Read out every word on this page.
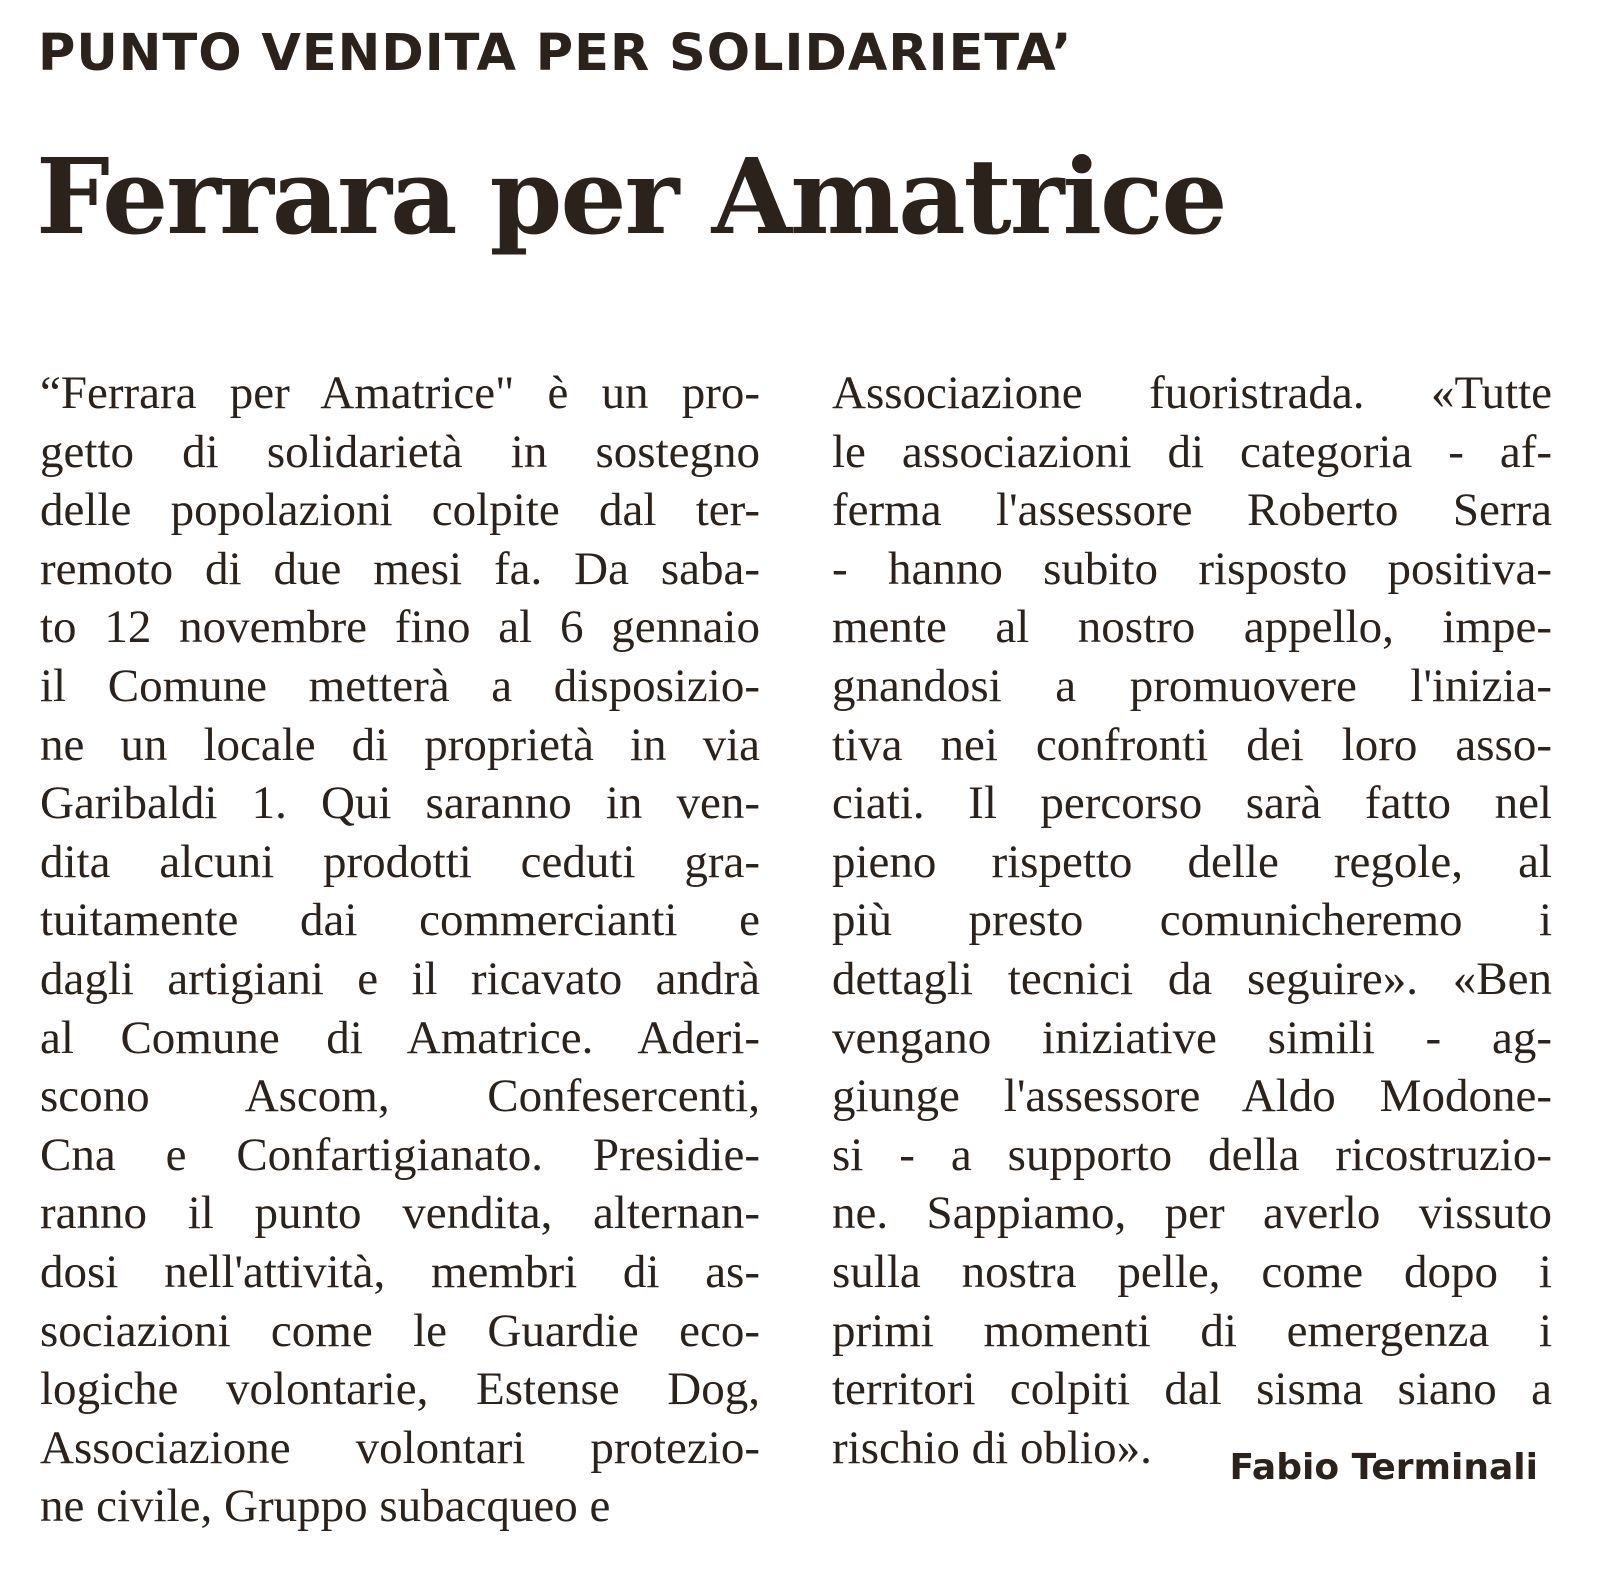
PUNTO VENDITA PER SOLIDARIETA’
Ferrara per Amatrice
“Ferrara per Amatrice" è un pro-
getto di solidarietà in sostegno
delle popolazioni colpite dal ter-
remoto di due mesi fa. Da saba-
to 12 novembre fino al 6 gennaio
il Comune metterà a disposizio-
ne un locale di proprietà in via
Garibaldi 1. Qui saranno in ven-
dita alcuni prodotti ceduti gra-
tuitamente dai commercianti e
dagli artigiani e il ricavato andrà
al Comune di Amatrice. Aderi-
scono Ascom, Confesercenti,
Cna e Confartigianato. Presidie-
ranno il punto vendita, alternan-
dosi nell'attività, membri di as-
sociazioni come le Guardie eco-
logiche volontarie, Estense Dog,
Associazione volontari protezio-
ne civile, Gruppo subacqueo e
Associazione fuoristrada. «Tutte
le associazioni di categoria - af-
ferma l'assessore Roberto Serra
- hanno subito risposto positiva-
mente al nostro appello, impe-
gnandosi a promuovere l'inizia-
tiva nei confronti dei loro asso-
ciati. Il percorso sarà fatto nel
pieno rispetto delle regole, al
più presto comunicheremo i
dettagli tecnici da seguire». «Ben
vengano iniziative simili - ag-
giunge l'assessore Aldo Modone-
si - a supporto della ricostruzio-
ne. Sappiamo, per averlo vissuto
sulla nostra pelle, come dopo i
primi momenti di emergenza i
territori colpiti dal sisma siano a
rischio di oblio».	Fabio Terminali
